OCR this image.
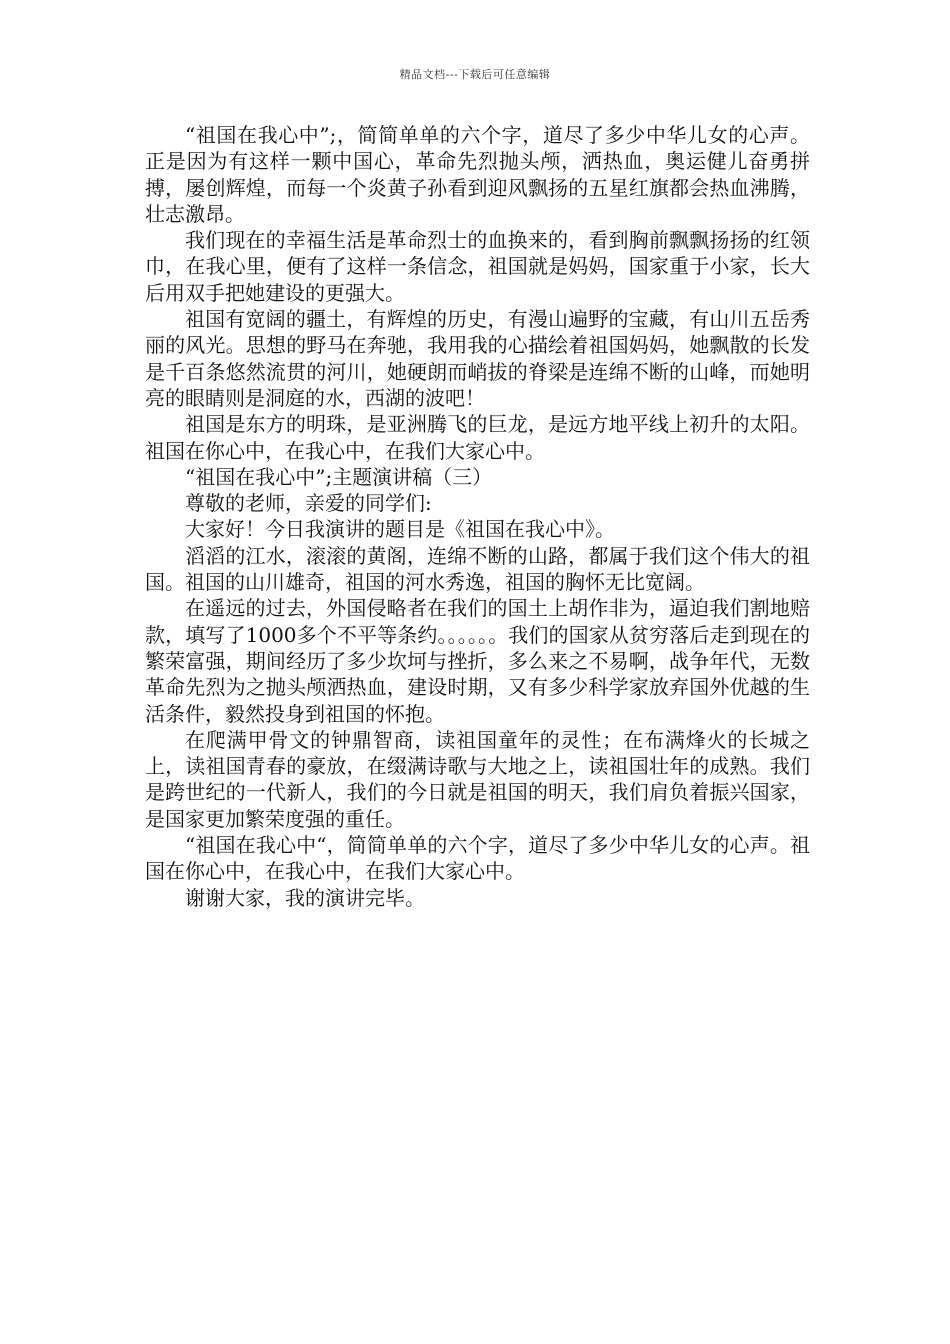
精品文档---下载后可任意编辑

“祖国在我心中”;，简简单单的六个字，道尽了多少中华儿女的心声。正是因为有这样一颗中国心，革命先烈抛头颅，洒热血，奥运健儿奋勇拼搏，屡创辉煌，而每一个炎黄子孙看到迎风飘扬的五星红旗都会热血沸腾，壮志激昂。

我们现在的幸福生活是革命烈士的血换来的，看到胸前飘飘扬扬的红领巾，在我心里，便有了这样一条信念，祖国就是妈妈，国家重于小家，长大后用双手把她建设的更强大。

祖国有宽阔的疆土，有辉煌的历史，有漫山遍野的宝藏，有山川五岳秀丽的风光。思想的野马在奔驰，我用我的心描绘着祖国妈妈，她飘散的长发是千百条悠然流贯的河川，她硬朗而峭拔的脊梁是连绵不断的山峰，而她明亮的眼睛则是洞庭的水，西湖的波吧！

祖国是东方的明珠，是亚洲腾飞的巨龙，是远方地平线上初升的太阳。祖国在你心中，在我心中，在我们大家心中。

“祖国在我心中”;主题演讲稿（三）

尊敬的老师，亲爱的同学们:

大家好！今日我演讲的题目是《祖国在我心中》。

滔滔的江水，滚滚的黄阁，连绵不断的山路，都属于我们这个伟大的祖国。祖国的山川雄奇，祖国的河水秀逸，祖国的胸怀无比宽阔。

在遥远的过去，外国侵略者在我们的国土上胡作非为，逼迫我们割地赔款，填写了1000多个不平等条约。。。。。。我们的国家从贫穷落后走到现在的繁荣富强，期间经历了多少坎坷与挫折，多么来之不易啊，战争年代，无数革命先烈为之抛头颅洒热血，建设时期，又有多少科学家放弃国外优越的生活条件，毅然投身到祖国的怀抱。

在爬满甲骨文的钟鼎智商，读祖国童年的灵性；在布满烽火的长城之上，读祖国青春的豪放，在缀满诗歌与大地之上，读祖国壮年的成熟。我们是跨世纪的一代新人，我们的今日就是祖国的明天，我们肩负着振兴国家，是国家更加繁荣度强的重任。

“祖国在我心中“，简简单单的六个字，道尽了多少中华儿女的心声。祖国在你心中，在我心中，在我们大家心中。

谢谢大家，我的演讲完毕。
